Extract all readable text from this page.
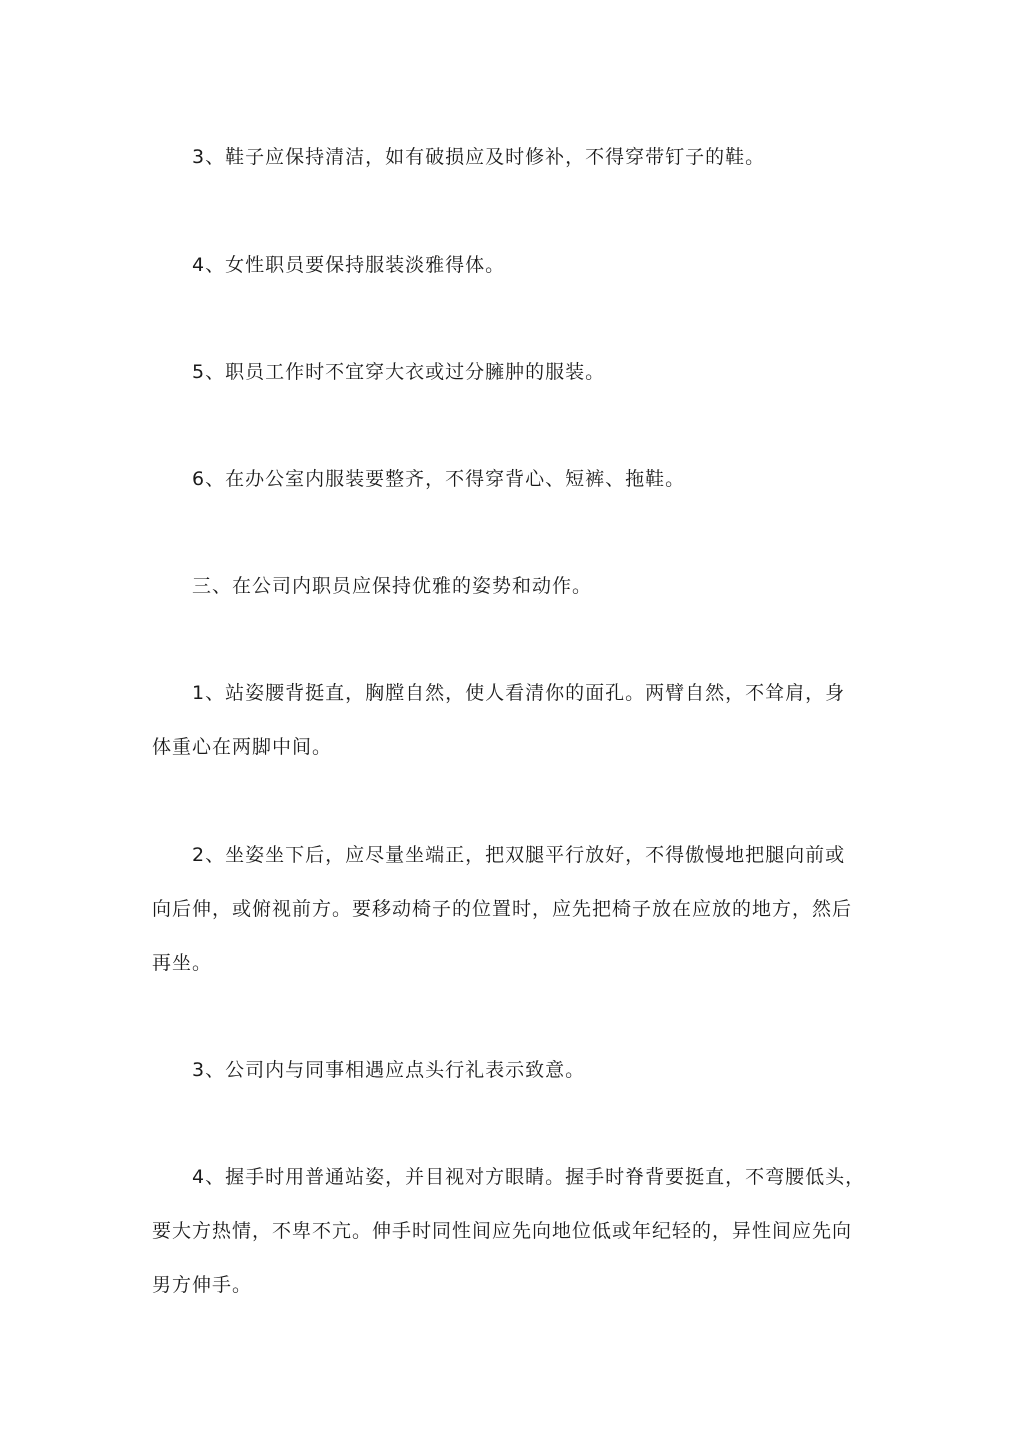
3、鞋子应保持清洁，如有破损应及时修补，不得穿带钉子的鞋。

4、女性职员要保持服装淡雅得体。

5、职员工作时不宜穿大衣或过分臃肿的服装。

6、在办公室内服装要整齐，不得穿背心、短裤、拖鞋。

三、在公司内职员应保持优雅的姿势和动作。

1、站姿腰背挺直，胸膛自然，使人看清你的面孔。两臂自然，不耸肩，身
体重心在两脚中间。

2、坐姿坐下后，应尽量坐端正，把双腿平行放好，不得傲慢地把腿向前或
向后伸，或俯视前方。要移动椅子的位置时，应先把椅子放在应放的地方，然后
再坐。

3、公司内与同事相遇应点头行礼表示致意。

4、握手时用普通站姿，并目视对方眼睛。握手时脊背要挺直，不弯腰低头，
要大方热情，不卑不亢。伸手时同性间应先向地位低或年纪轻的，异性间应先向
男方伸手。
